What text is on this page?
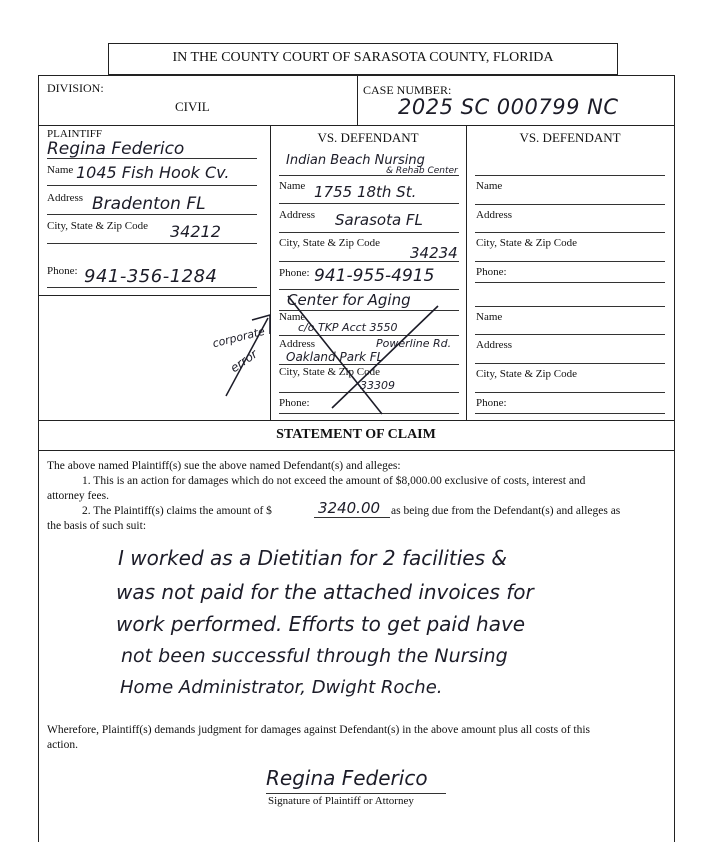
IN THE COUNTY COURT OF SARASOTA COUNTY, FLORIDA
DIVISION:
CIVIL
CASE NUMBER:
2025 SC 000799 NC
PLAINTIFF
Regina Federico
Name 1045 Fish Hook Cv.
Address Bradenton FL
City, State & Zip Code 34212
Phone: 941-356-1284
VS. DEFENDANT
Indian Beach Nursing
& Rehab Center
Name 1755 18th St.
Address Sarasota FL
City, State & Zip Code
34234
Phone: 941-955-4915
Center for Aging
Name
c/o TKP Acct 3550
Address	Powerline Rd.
Oakland Park FL
City, State & Zip Code
33309
Phone:
corporate
error
VS. DEFENDANT
Name
Address
City, State & Zip Code
Phone:
Name
Address
City, State & Zip Code
Phone:
STATEMENT OF CLAIM
The above named Plaintiff(s) sue the above named Defendant(s) and alleges:
1. This is an action for damages which do not exceed the amount of $8,000.00 exclusive of costs, interest and
attorney fees.
2. The Plaintiff(s) claims the amount of $	3240.00 as being due from the Defendant(s) and alleges as
the basis of such suit:
I worked as a Dietitian for 2 facilities &
was not paid for the attached invoices for
work performed. Efforts to get paid have
not been successful through the Nursing
Home Administrator, Dwight Roche.
Wherefore, Plaintiff(s) demands judgment for damages against Defendant(s) in the above amount plus all costs of this
action.
Regina Federico
Signature of Plaintiff or Attorney
